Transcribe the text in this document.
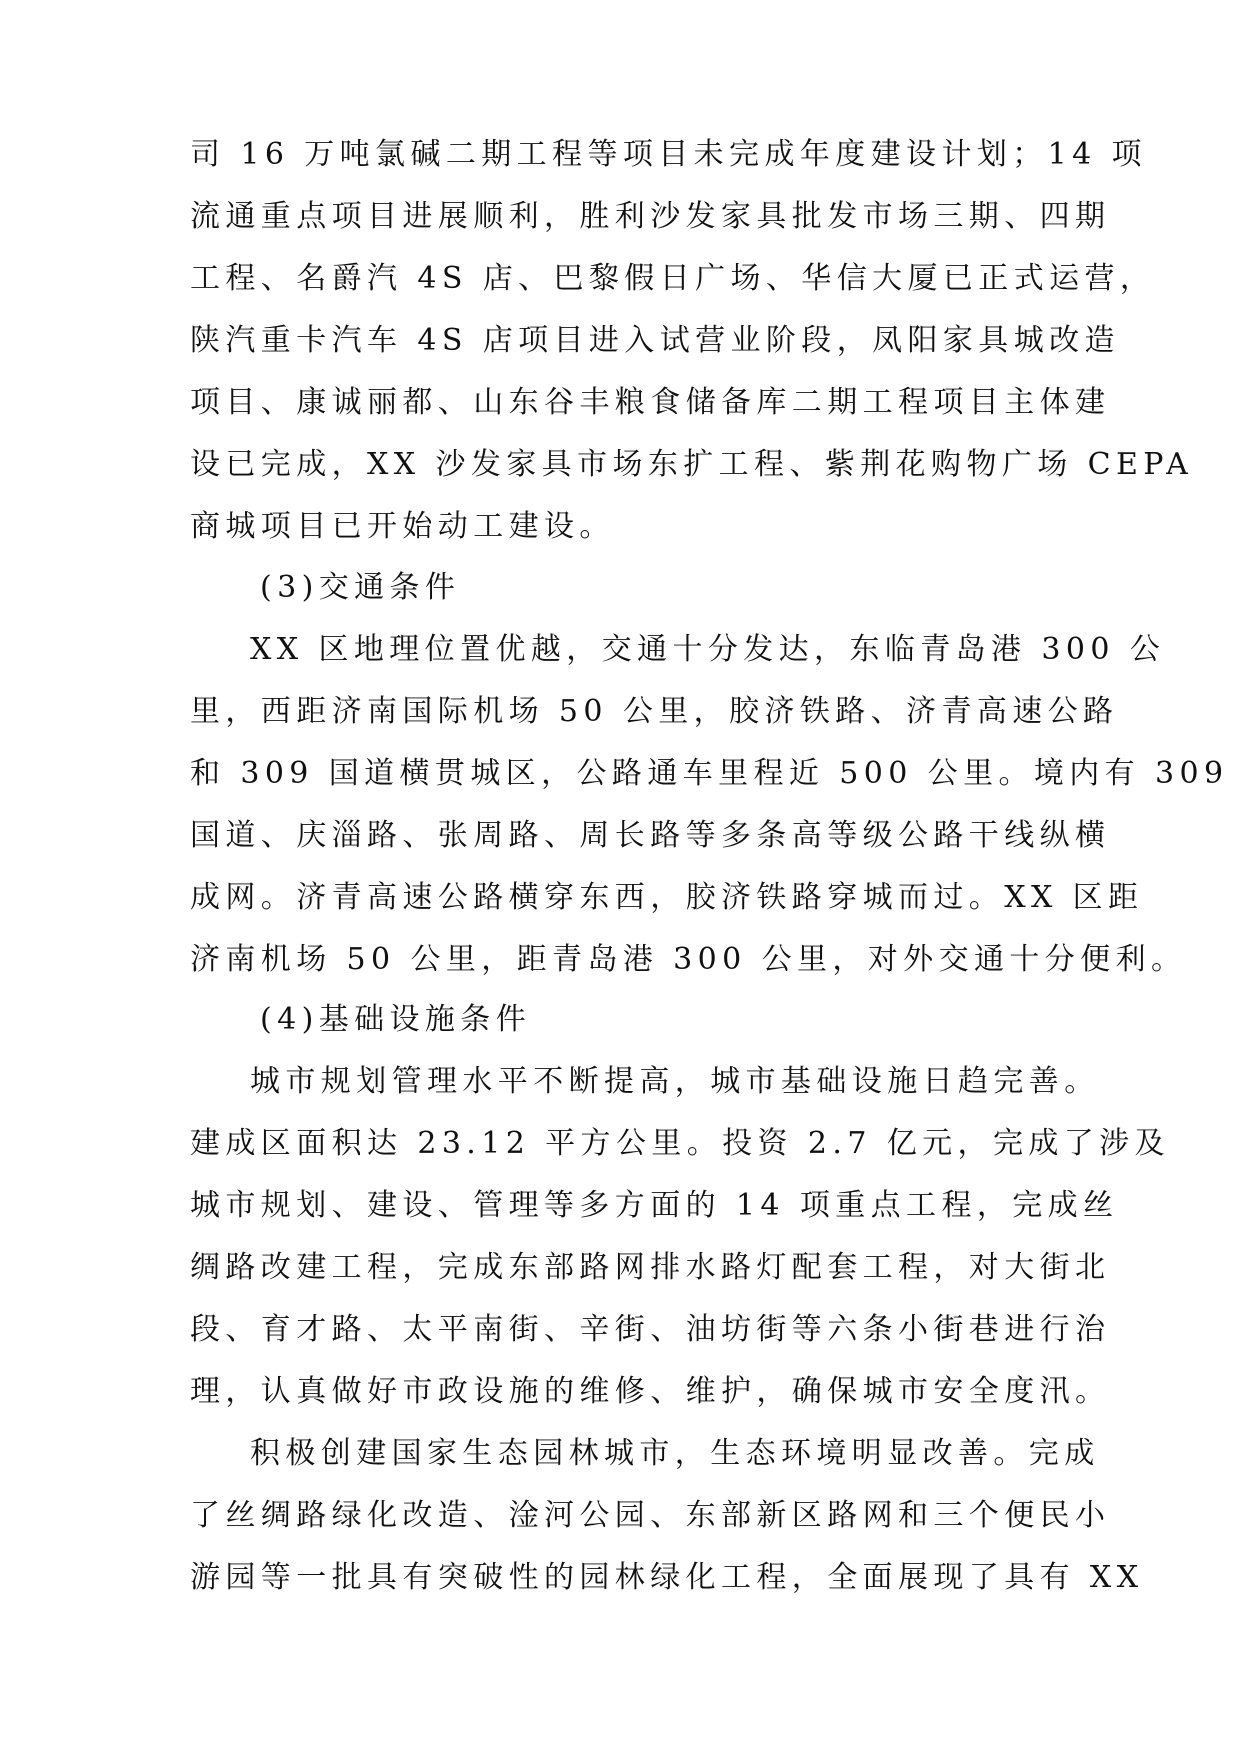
司 16 万吨氯碱二期工程等项目未完成年度建设计划；14 项

流通重点项目进展顺利，胜利沙发家具批发市场三期、四期

工程、名爵汽 4S 店、巴黎假日广场、华信大厦已正式运营，

陕汽重卡汽车 4S 店项目进入试营业阶段，凤阳家具城改造

项目、康诚丽都、山东谷丰粮食储备库二期工程项目主体建

设已完成，XX 沙发家具市场东扩工程、紫荆花购物广场 CEPA

商城项目已开始动工建设。

(3)交通条件

XX 区地理位置优越，交通十分发达，东临青岛港 300 公

里，西距济南国际机场 50 公里，胶济铁路、济青高速公路

和 309 国道横贯城区，公路通车里程近 500 公里。境内有 309

国道、庆淄路、张周路、周长路等多条高等级公路干线纵横

成网。济青高速公路横穿东西，胶济铁路穿城而过。XX 区距

济南机场 50 公里，距青岛港 300 公里，对外交通十分便利。

(4)基础设施条件

城市规划管理水平不断提高，城市基础设施日趋完善。

建成区面积达 23.12 平方公里。投资 2.7 亿元，完成了涉及

城市规划、建设、管理等多方面的 14 项重点工程，完成丝

绸路改建工程，完成东部路网排水路灯配套工程，对大街北

段、育才路、太平南街、辛街、油坊街等六条小街巷进行治

理，认真做好市政设施的维修、维护，确保城市安全度汛。

积极创建国家生态园林城市，生态环境明显改善。完成

了丝绸路绿化改造、淦河公园、东部新区路网和三个便民小

游园等一批具有突破性的园林绿化工程，全面展现了具有 XX
